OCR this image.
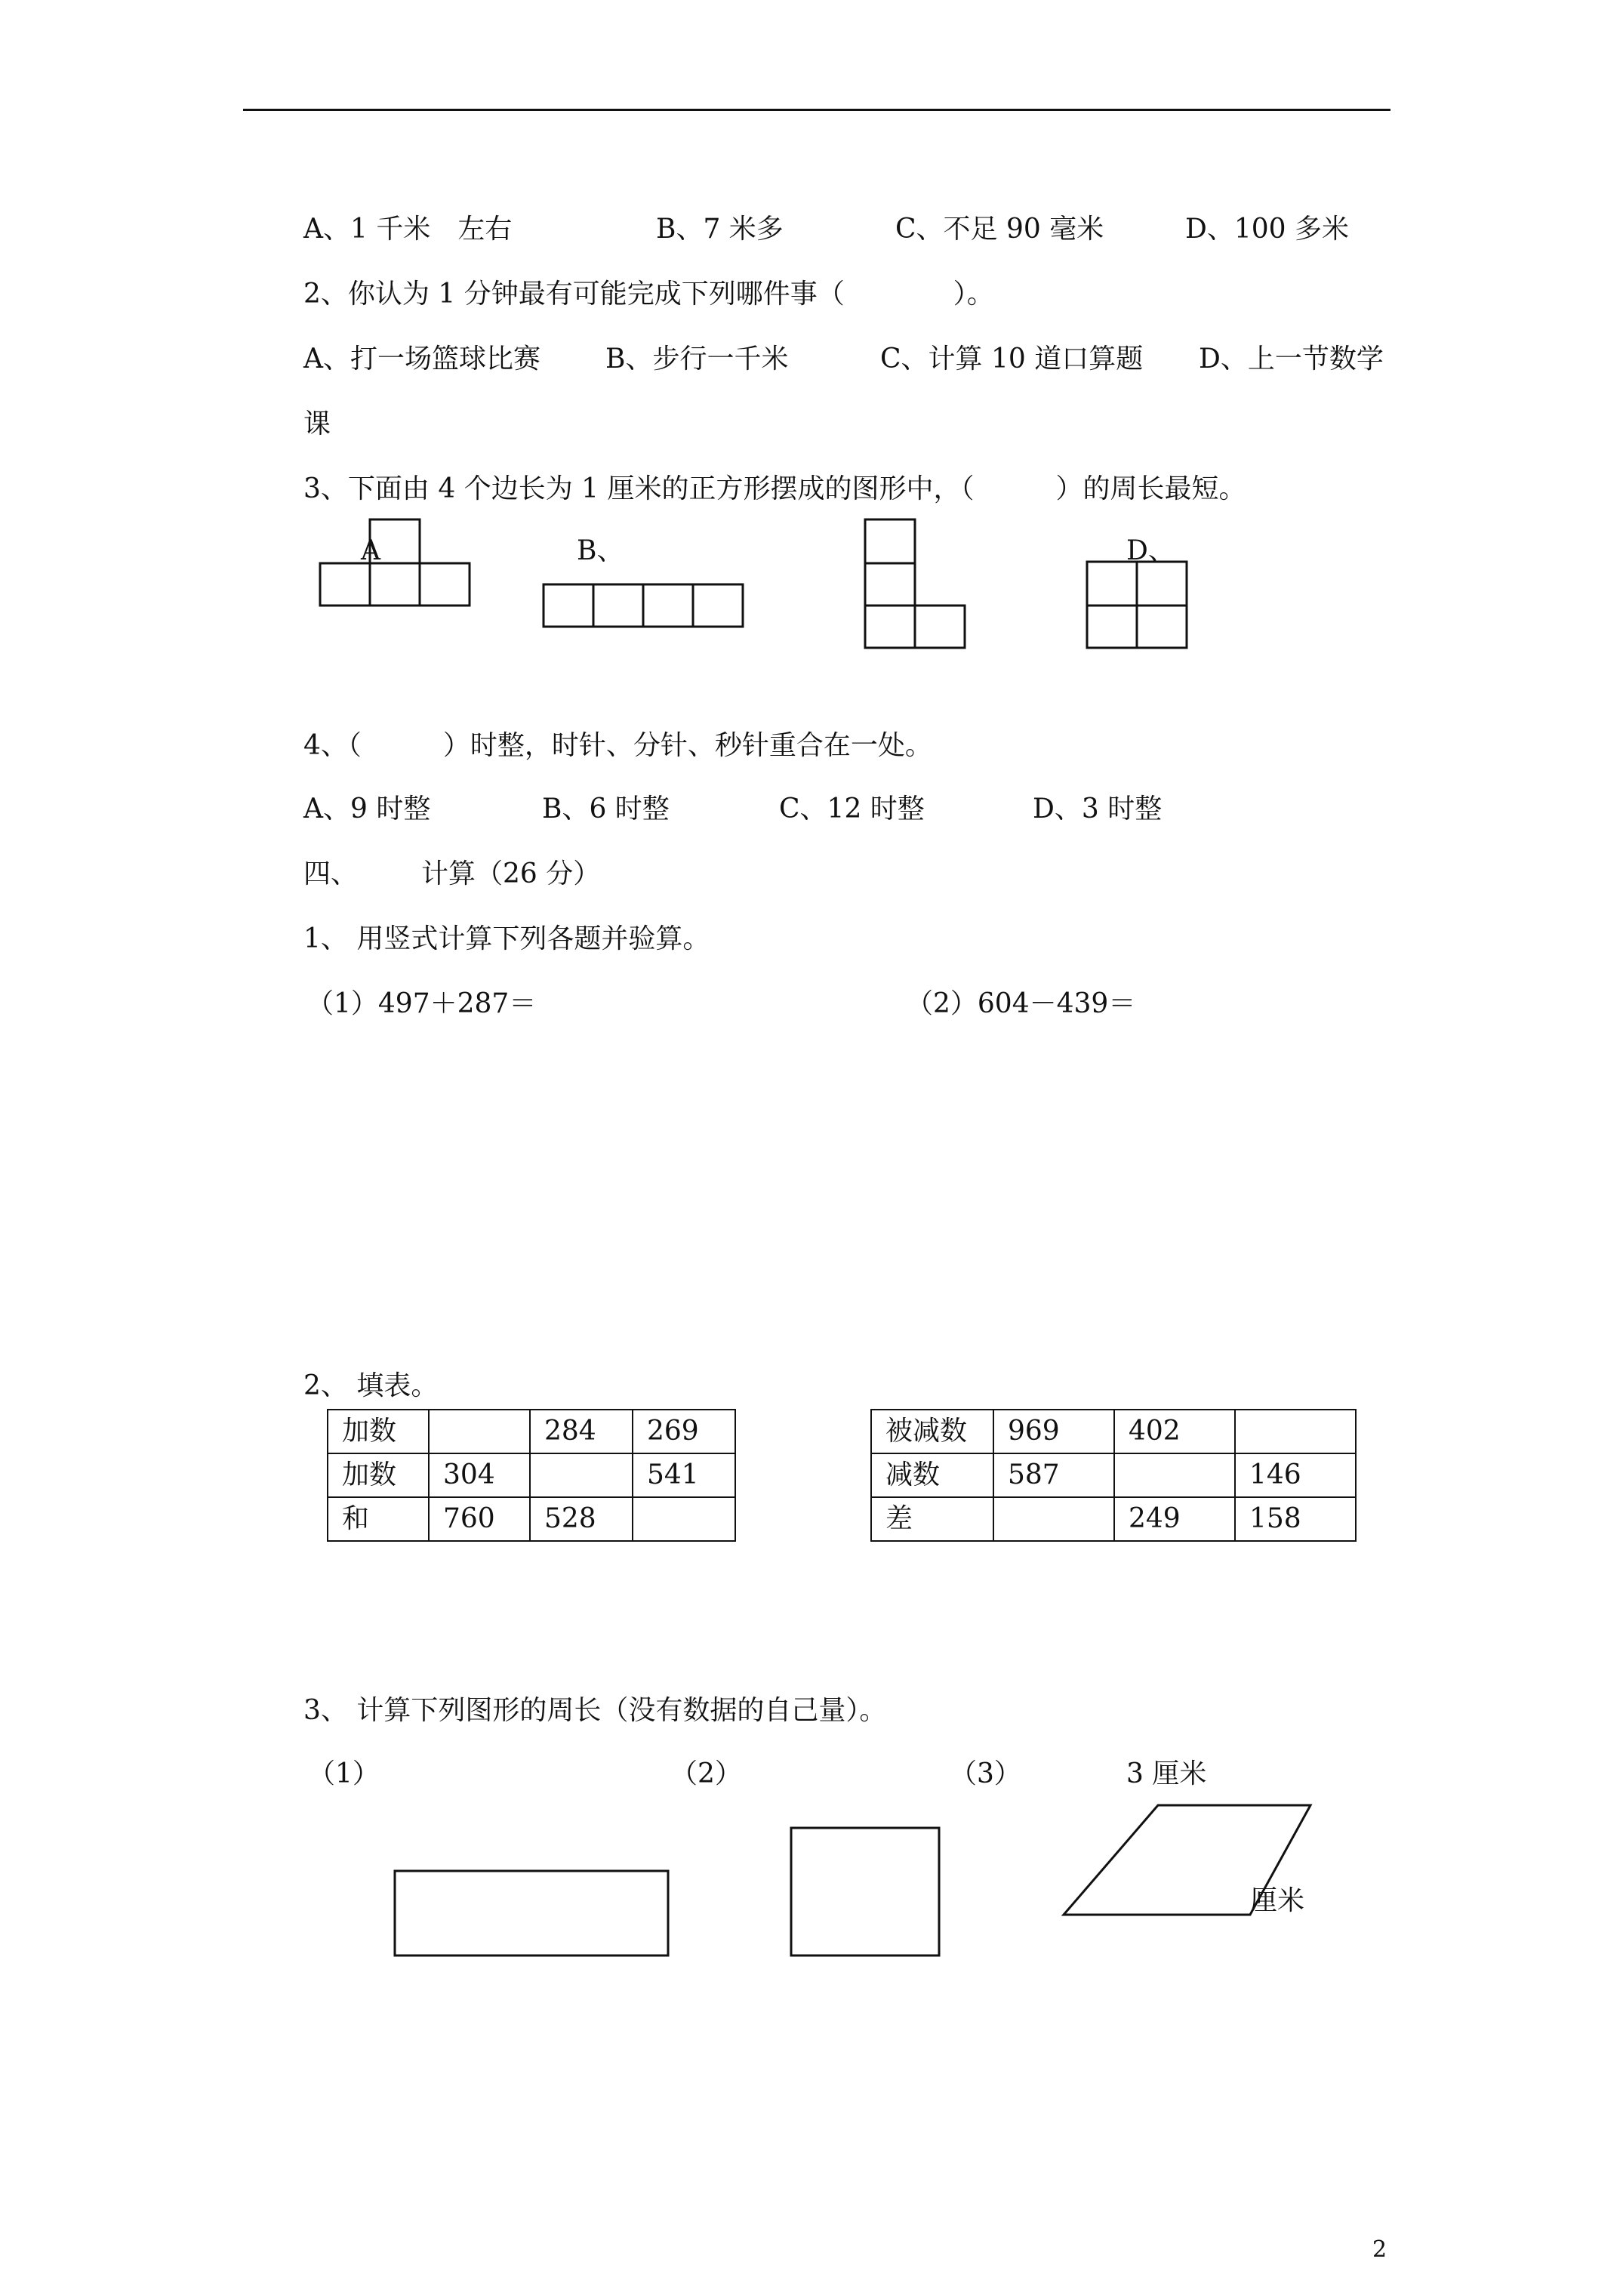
A、1 千米　左右	B、7 米多	C、不足 90 毫米	D、100 多米
2、你认为 1 分钟最有可能完成下列哪件事（　　　　）。
A、打一场篮球比赛 B、步行一千米	C、计算 10 道口算题 D、上一节数学
课
3、下面由 4 个边长为 1 厘米的正方形摆成的图形中，（　　　）的周长最短。
A	B、	D、
4、（　　　）时整，时针、分针、秒针重合在一处。
A、9 时整	B、6 时整	C、12 时整	D、3 时整
四、 计算（26 分）
1、 用竖式计算下列各题并验算。
（1）497＋287＝	（2）604－439＝
2、 填表。
加数		284	269
加数	304		541
和	760	528	
被减数	969	402	
减数	587		146
差		249	158
3、 计算下列图形的周长（没有数据的自己量）。
（1）	（2）	（3）	3 厘米
厘米
2
